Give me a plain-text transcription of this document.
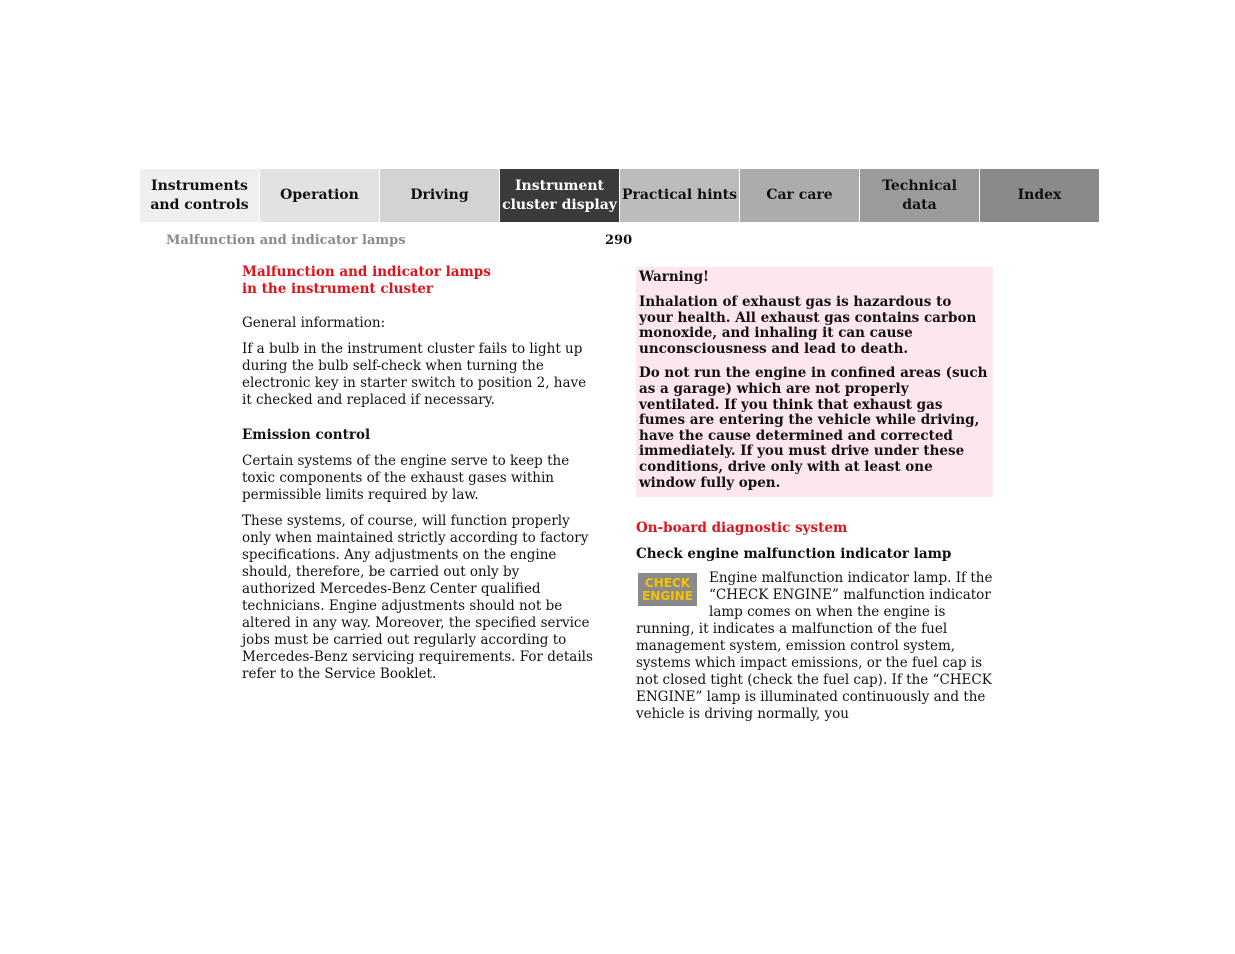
Instruments
and controls
Operation	Driving
Instrument
cluster display
Practical hints	Car care
Technical
data
Index
Malfunction and indicator lamps	290
Malfunction and indicator lamps
in the instrument cluster

General information:

If a bulb in the instrument cluster fails to light up during the bulb self-check when turning the electronic key in starter switch to position 2, have it checked and replaced if necessary.

Emission control

Certain systems of the engine serve to keep the toxic components of the exhaust gases within permissible limits required by law.

These systems, of course, will function properly only when maintained strictly according to factory specifications. Any adjustments on the engine should, therefore, be carried out only by authorized Mercedes-Benz Center qualified technicians. Engine adjustments should not be altered in any way. Moreover, the specified service jobs must be carried out regularly according to Mercedes-Benz servicing requirements. For details refer to the Service Booklet.

Warning!

Inhalation of exhaust gas is hazardous to your health. All exhaust gas contains carbon monoxide, and inhaling it can cause unconsciousness and lead to death.

Do not run the engine in confined areas (such as a garage) which are not properly ventilated. If you think that exhaust gas fumes are entering the vehicle while driving, have the cause determined and corrected immediately. If you must drive under these conditions, drive only with at least one window fully open.

On-board diagnostic system

Check engine malfunction indicator lamp

CHECK
ENGINE

Engine malfunction indicator lamp. If the “CHECK ENGINE” malfunction indicator lamp comes on when the engine is running, it indicates a malfunction of the fuel management system, emission control system, systems which impact emissions, or the fuel cap is not closed tight (check the fuel cap). If the “CHECK ENGINE” lamp is illuminated continuously and the vehicle is driving normally, you
